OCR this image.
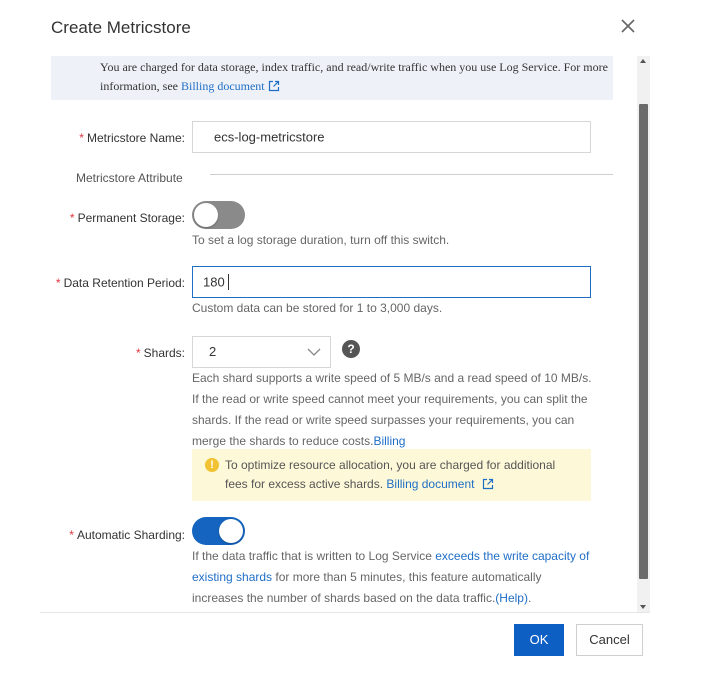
Create Metricstore
You are charged for data storage, index traffic, and read/write traffic when you use Log Service. For more information, see Billing document
* Metricstore Name: ecs-log-metricstore
Metricstore Attribute
* Permanent Storage:
To set a log storage duration, turn off this switch.
* Data Retention Period: 180
Custom data can be stored for 1 to 3,000 days.
* Shards: 2	?
Each shard supports a write speed of 5 MB/s and a read speed of 10 MB/s. If the read or write speed cannot meet your requirements, you can split the shards. If the read or write speed surpasses your requirements, you can merge the shards to reduce costs.Billing
! To optimize resource allocation, you are charged for additional fees for excess active shards. Billing document
* Automatic Sharding:
If the data traffic that is written to Log Service exceeds the write capacity of existing shards for more than 5 minutes, this feature automatically increases the number of shards based on the data traffic.(Help).
OK	Cancel
